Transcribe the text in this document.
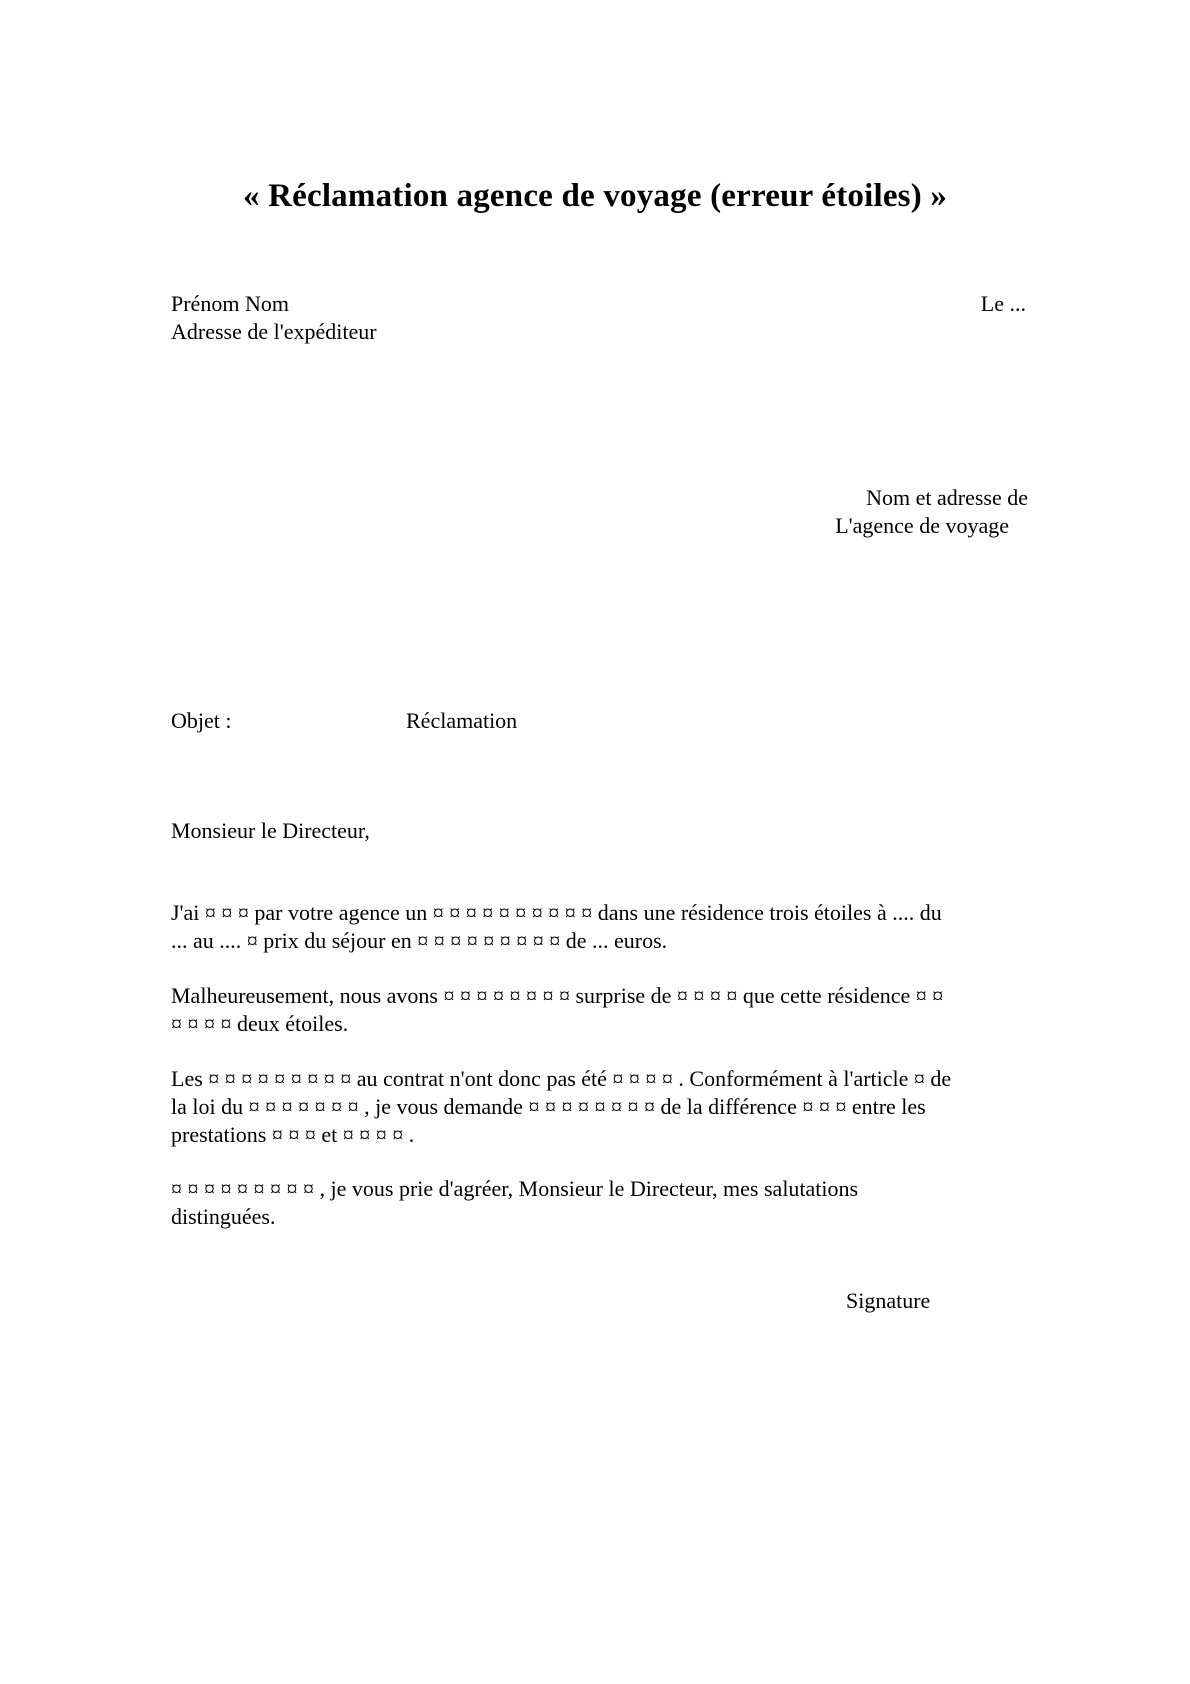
« Réclamation agence de voyage (erreur étoiles) »
Prénom Nom
Adresse de l'expéditeur
Le ...
Nom et adresse de
L'agence de voyage
Objet :	Réclamation
Monsieur le Directeur,
J'ai ¤ ¤ ¤ par votre agence un ¤ ¤ ¤ ¤ ¤ ¤ ¤ ¤ ¤ ¤ dans une résidence trois étoiles à .... du
... au .... ¤ prix du séjour en ¤ ¤ ¤ ¤ ¤ ¤ ¤ ¤ ¤ de ... euros.
Malheureusement, nous avons ¤ ¤ ¤ ¤ ¤ ¤ ¤ ¤ surprise de ¤ ¤ ¤ ¤ que cette résidence ¤ ¤
¤ ¤ ¤ ¤ deux étoiles.
Les ¤ ¤ ¤ ¤ ¤ ¤ ¤ ¤ ¤ au contrat n'ont donc pas été ¤ ¤ ¤ ¤ . Conformément à l'article ¤ de
la loi du ¤ ¤ ¤ ¤ ¤ ¤ ¤ , je vous demande ¤ ¤ ¤ ¤ ¤ ¤ ¤ ¤ de la différence ¤ ¤ ¤ entre les
prestations ¤ ¤ ¤ et ¤ ¤ ¤ ¤ .
¤ ¤ ¤ ¤ ¤ ¤ ¤ ¤ ¤ , je vous prie d'agréer, Monsieur le Directeur, mes salutations
distinguées.
Signature
